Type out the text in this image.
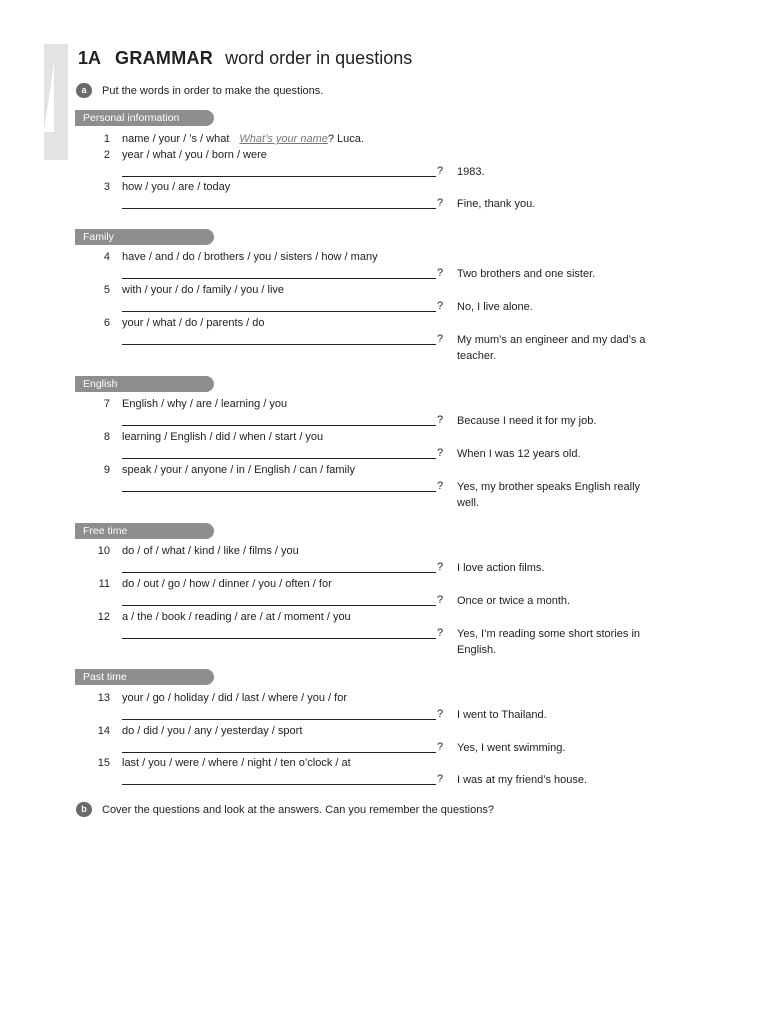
1A GRAMMAR word order in questions
a	Put the words in order to make the questions.
Personal information
1 name / your / ’s / what What’s your name? Luca.
2 year / what / you / born / were
? 1983.
3 how / you / are / today
? Fine, thank you.
Family
4 have / and / do / brothers / you / sisters / how / many
? Two brothers and one sister.
5 with / your / do / family / you / live
? No, I live alone.
6 your / what / do / parents / do
? My mum’s an engineer and my dad’s a teacher.
English
7 English / why / are / learning / you
? Because I need it for my job.
8 learning / English / did / when / start / you
? When I was 12 years old.
9 speak / your / anyone / in / English / can / family
? Yes, my brother speaks English really well.
Free time
10 do / of / what / kind / like / films / you
? I love action films.
11 do / out / go / how / dinner / you / often / for
? Once or twice a month.
12 a / the / book / reading / are / at / moment / you
? Yes, I’m reading some short stories in English.
Past time
13 your / go / holiday / did / last / where / you / for
? I went to Thailand.
14 do / did / you / any / yesterday / sport
? Yes, I went swimming.
15 last / you / were / where / night / ten o’clock / at
? I was at my friend’s house.
b	Cover the questions and look at the answers. Can you remember the questions?
